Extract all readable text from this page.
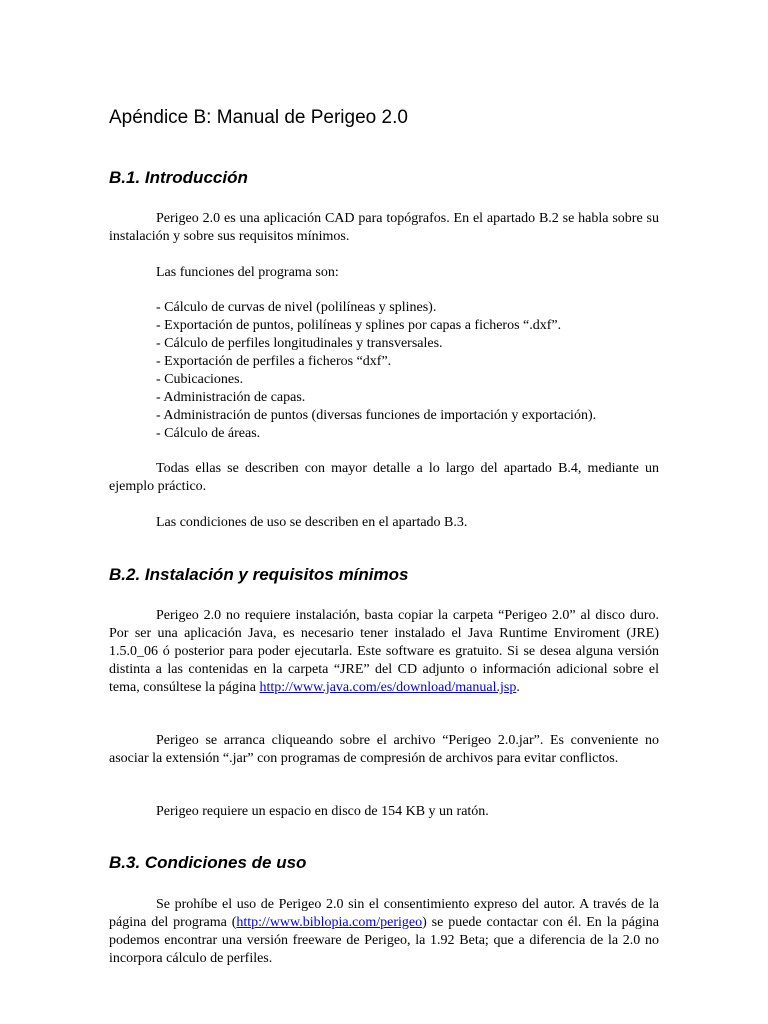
Apéndice B: Manual de Perigeo 2.0
B.1. Introducción

Perigeo 2.0 es una aplicación CAD para topógrafos. En el apartado B.2 se habla sobre su instalación y sobre sus requisitos mínimos.

Las funciones del programa son:

- Cálculo de curvas de nivel (polilíneas y splines).
- Exportación de puntos, polilíneas y splines por capas a ficheros “.dxf”.
- Cálculo de perfiles longitudinales y transversales.
- Exportación de perfiles a ficheros “dxf”.
- Cubicaciones.
- Administración de capas.
- Administración de puntos (diversas funciones de importación y exportación).
- Cálculo de áreas.

Todas ellas se describen con mayor detalle a lo largo del apartado B.4, mediante un ejemplo práctico.

Las condiciones de uso se describen en el apartado B.3.

B.2. Instalación y requisitos mínimos

Perigeo 2.0 no requiere instalación, basta copiar la carpeta “Perigeo 2.0” al disco duro. Por ser una aplicación Java, es necesario tener instalado el Java Runtime Enviroment (JRE) 1.5.0_06 ó posterior para poder ejecutarla. Este software es gratuito. Si se desea alguna versión distinta a las contenidas en la carpeta “JRE” del CD adjunto o información adicional sobre el tema, consúltese la página http://www.java.com/es/download/manual.jsp.

Perigeo se arranca cliqueando sobre el archivo “Perigeo 2.0.jar”. Es conveniente no asociar la extensión “.jar” con programas de compresión de archivos para evitar conflictos.

Perigeo requiere un espacio en disco de 154 KB y un ratón.

B.3. Condiciones de uso

Se prohíbe el uso de Perigeo 2.0 sin el consentimiento expreso del autor. A través de la página del programa (http://www.biblopia.com/perigeo) se puede contactar con él. En la página podemos encontrar una versión freeware de Perigeo, la 1.92 Beta; que a diferencia de la 2.0 no incorpora cálculo de perfiles.
